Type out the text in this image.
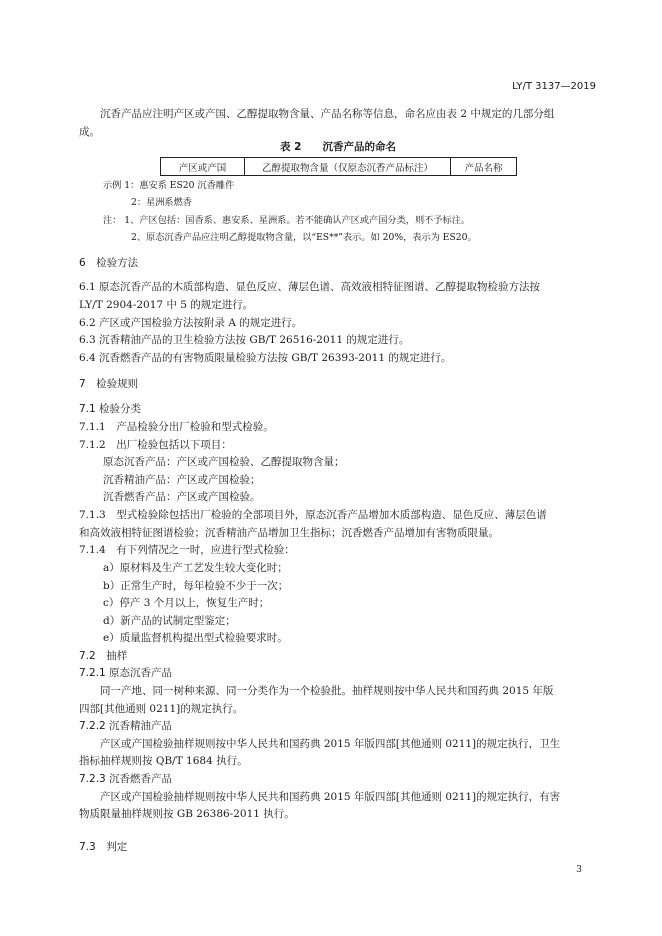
LY/T 3137—2019
沉香产品应注明产区或产国、乙醇提取物含量、产品名称等信息，命名应由表 2 中规定的几部分组
成。
表 2　　沉香产品的命名
产区或产国	乙醇提取物含量（仅原态沉香产品标注）	产品名称
示例 1：惠安系 ES20 沉香雕件
2：星洲系燃香
注： 1、产区包括：国香系、惠安系、星洲系。若不能确认产区或产国分类，则不予标注。
2、原态沉香产品应注明乙醇提取物含量，以“ES**”表示。如 20%，表示为 ES20。
6　检验方法
6.1 原态沉香产品的木质部构造、显色反应、薄层色谱、高效液相特征图谱、乙醇提取物检验方法按
LY/T 2904-2017 中 5 的规定进行。
6.2 产区或产国检验方法按附录 A 的规定进行。
6.3 沉香精油产品的卫生检验方法按 GB/T 26516-2011 的规定进行。
6.4 沉香燃香产品的有害物质限量检验方法按 GB/T 26393-2011 的规定进行。
7　检验规则
7.1 检验分类
7.1.1　产品检验分出厂检验和型式检验。
7.1.2　出厂检验包括以下项目：
原态沉香产品：产区或产国检验、乙醇提取物含量；
沉香精油产品：产区或产国检验；
沉香燃香产品：产区或产国检验。
7.1.3　型式检验除包括出厂检验的全部项目外，原态沉香产品增加木质部构造、显色反应、薄层色谱
和高效液相特征图谱检验；沉香精油产品增加卫生指标；沉香燃香产品增加有害物质限量。
7.1.4　有下列情况之一时，应进行型式检验：
a）原材料及生产工艺发生较大变化时；
b）正常生产时，每年检验不少于一次；
c）停产 3 个月以上，恢复生产时；
d）新产品的试制定型鉴定；
e）质量监督机构提出型式检验要求时。
7.2　抽样
7.2.1 原态沉香产品
同一产地、同一树种来源、同一分类作为一个检验批。抽样规则按中华人民共和国药典 2015 年版
四部[其他通则 0211]的规定执行。
7.2.2 沉香精油产品
产区或产国检验抽样规则按中华人民共和国药典 2015 年版四部[其他通则 0211]的规定执行，卫生
指标抽样规则按 QB/T 1684 执行。
7.2.3 沉香燃香产品
产区或产国检验抽样规则按中华人民共和国药典 2015 年版四部[其他通则 0211]的规定执行，有害
物质限量抽样规则按 GB 26386-2011 执行。
7.3　判定
3
